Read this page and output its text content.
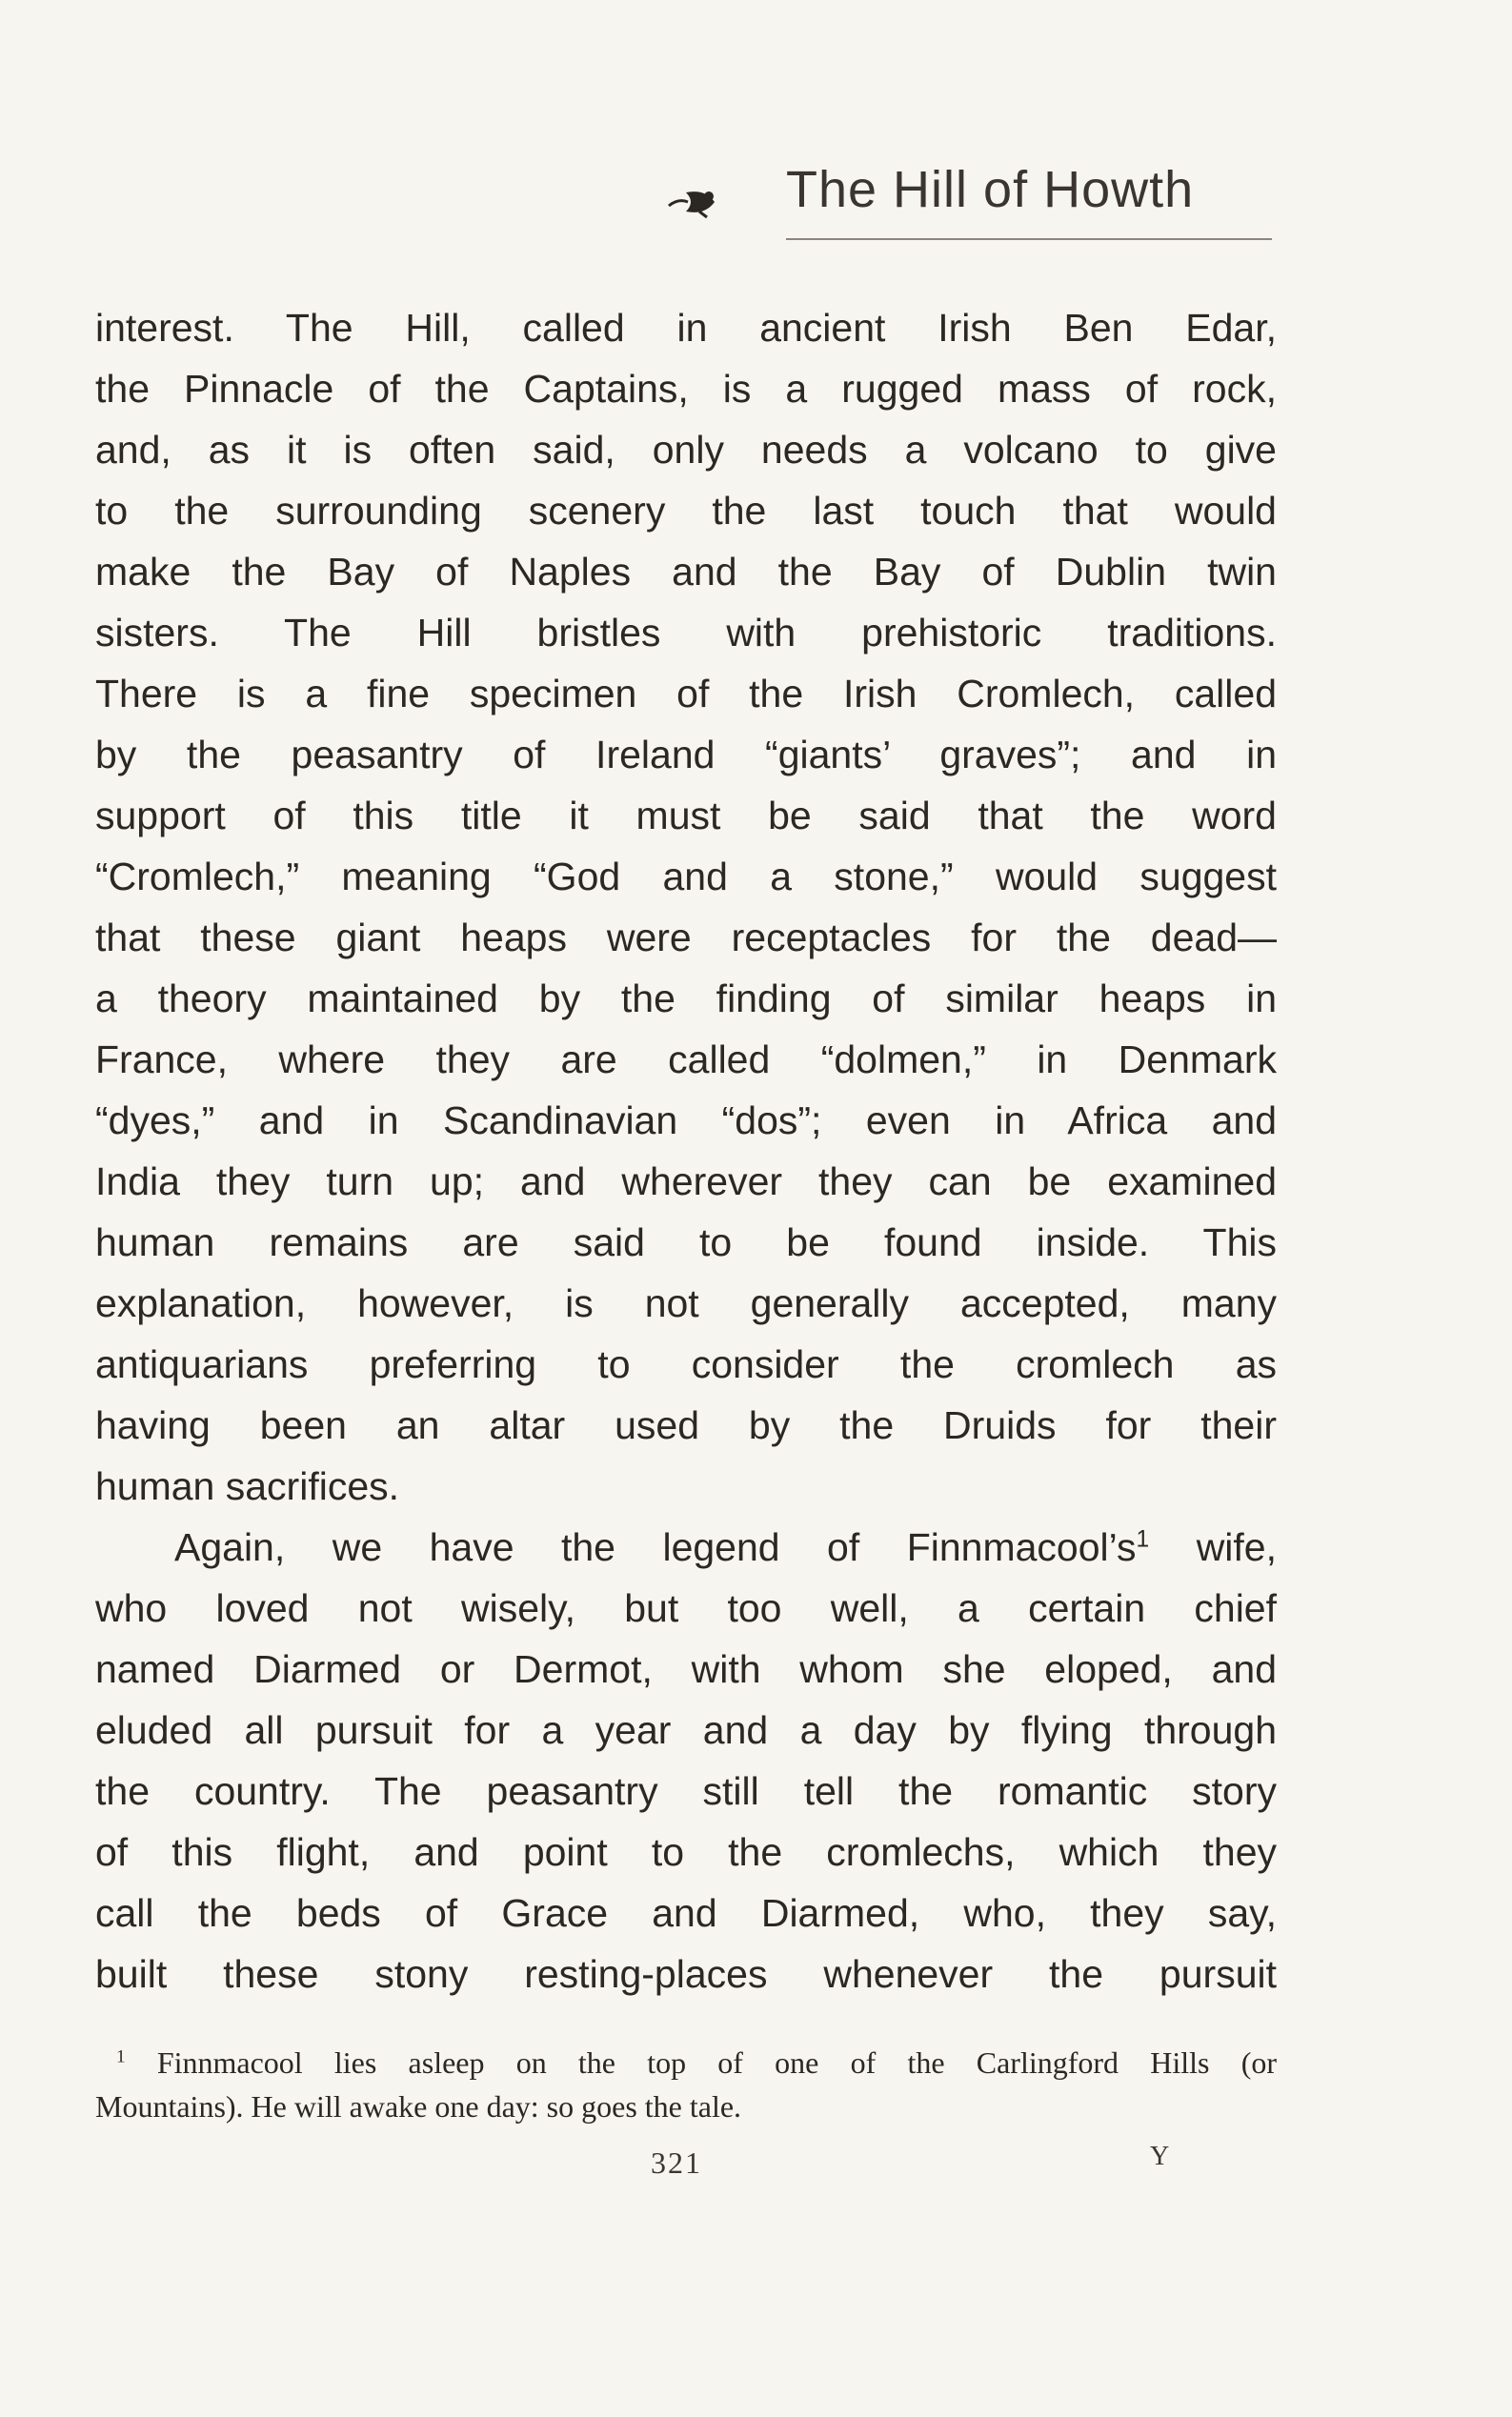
The Hill of Howth
interest. The Hill, called in ancient Irish Ben Edar,
the Pinnacle of the Captains, is a rugged mass of rock,
and, as it is often said, only needs a volcano to give
to the surrounding scenery the last touch that would
make the Bay of Naples and the Bay of Dublin twin
sisters. The Hill bristles with prehistoric traditions.
There is a fine specimen of the Irish Cromlech, called
by the peasantry of Ireland “giants’ graves”; and in
support of this title it must be said that the word
“Cromlech,” meaning “God and a stone,” would suggest
that these giant heaps were receptacles for the dead—
a theory maintained by the finding of similar heaps in
France, where they are called “dolmen,” in Denmark
“dyes,” and in Scandinavian “dos”; even in Africa and
India they turn up; and wherever they can be examined
human remains are said to be found inside. This
explanation, however, is not generally accepted, many
antiquarians preferring to consider the cromlech as
having been an altar used by the Druids for their
human sacrifices.
Again, we have the legend of $Finnmacool’s^1$ wife,
who loved not wisely, but too well, a certain chief
named Diarmed or Dermot, with whom she eloped, and
eluded all pursuit for a year and a day by flying through
the country. The peasantry still tell the romantic story
of this flight, and point to the cromlechs, which they
call the beds of Grace and Diarmed, who, they say,
built these stony resting-places whenever the pursuit
$^1$ Finnmacool lies asleep on the top of one of the Carlingford Hills (or
Mountains). He will awake one day: so goes the tale.
321	Y
